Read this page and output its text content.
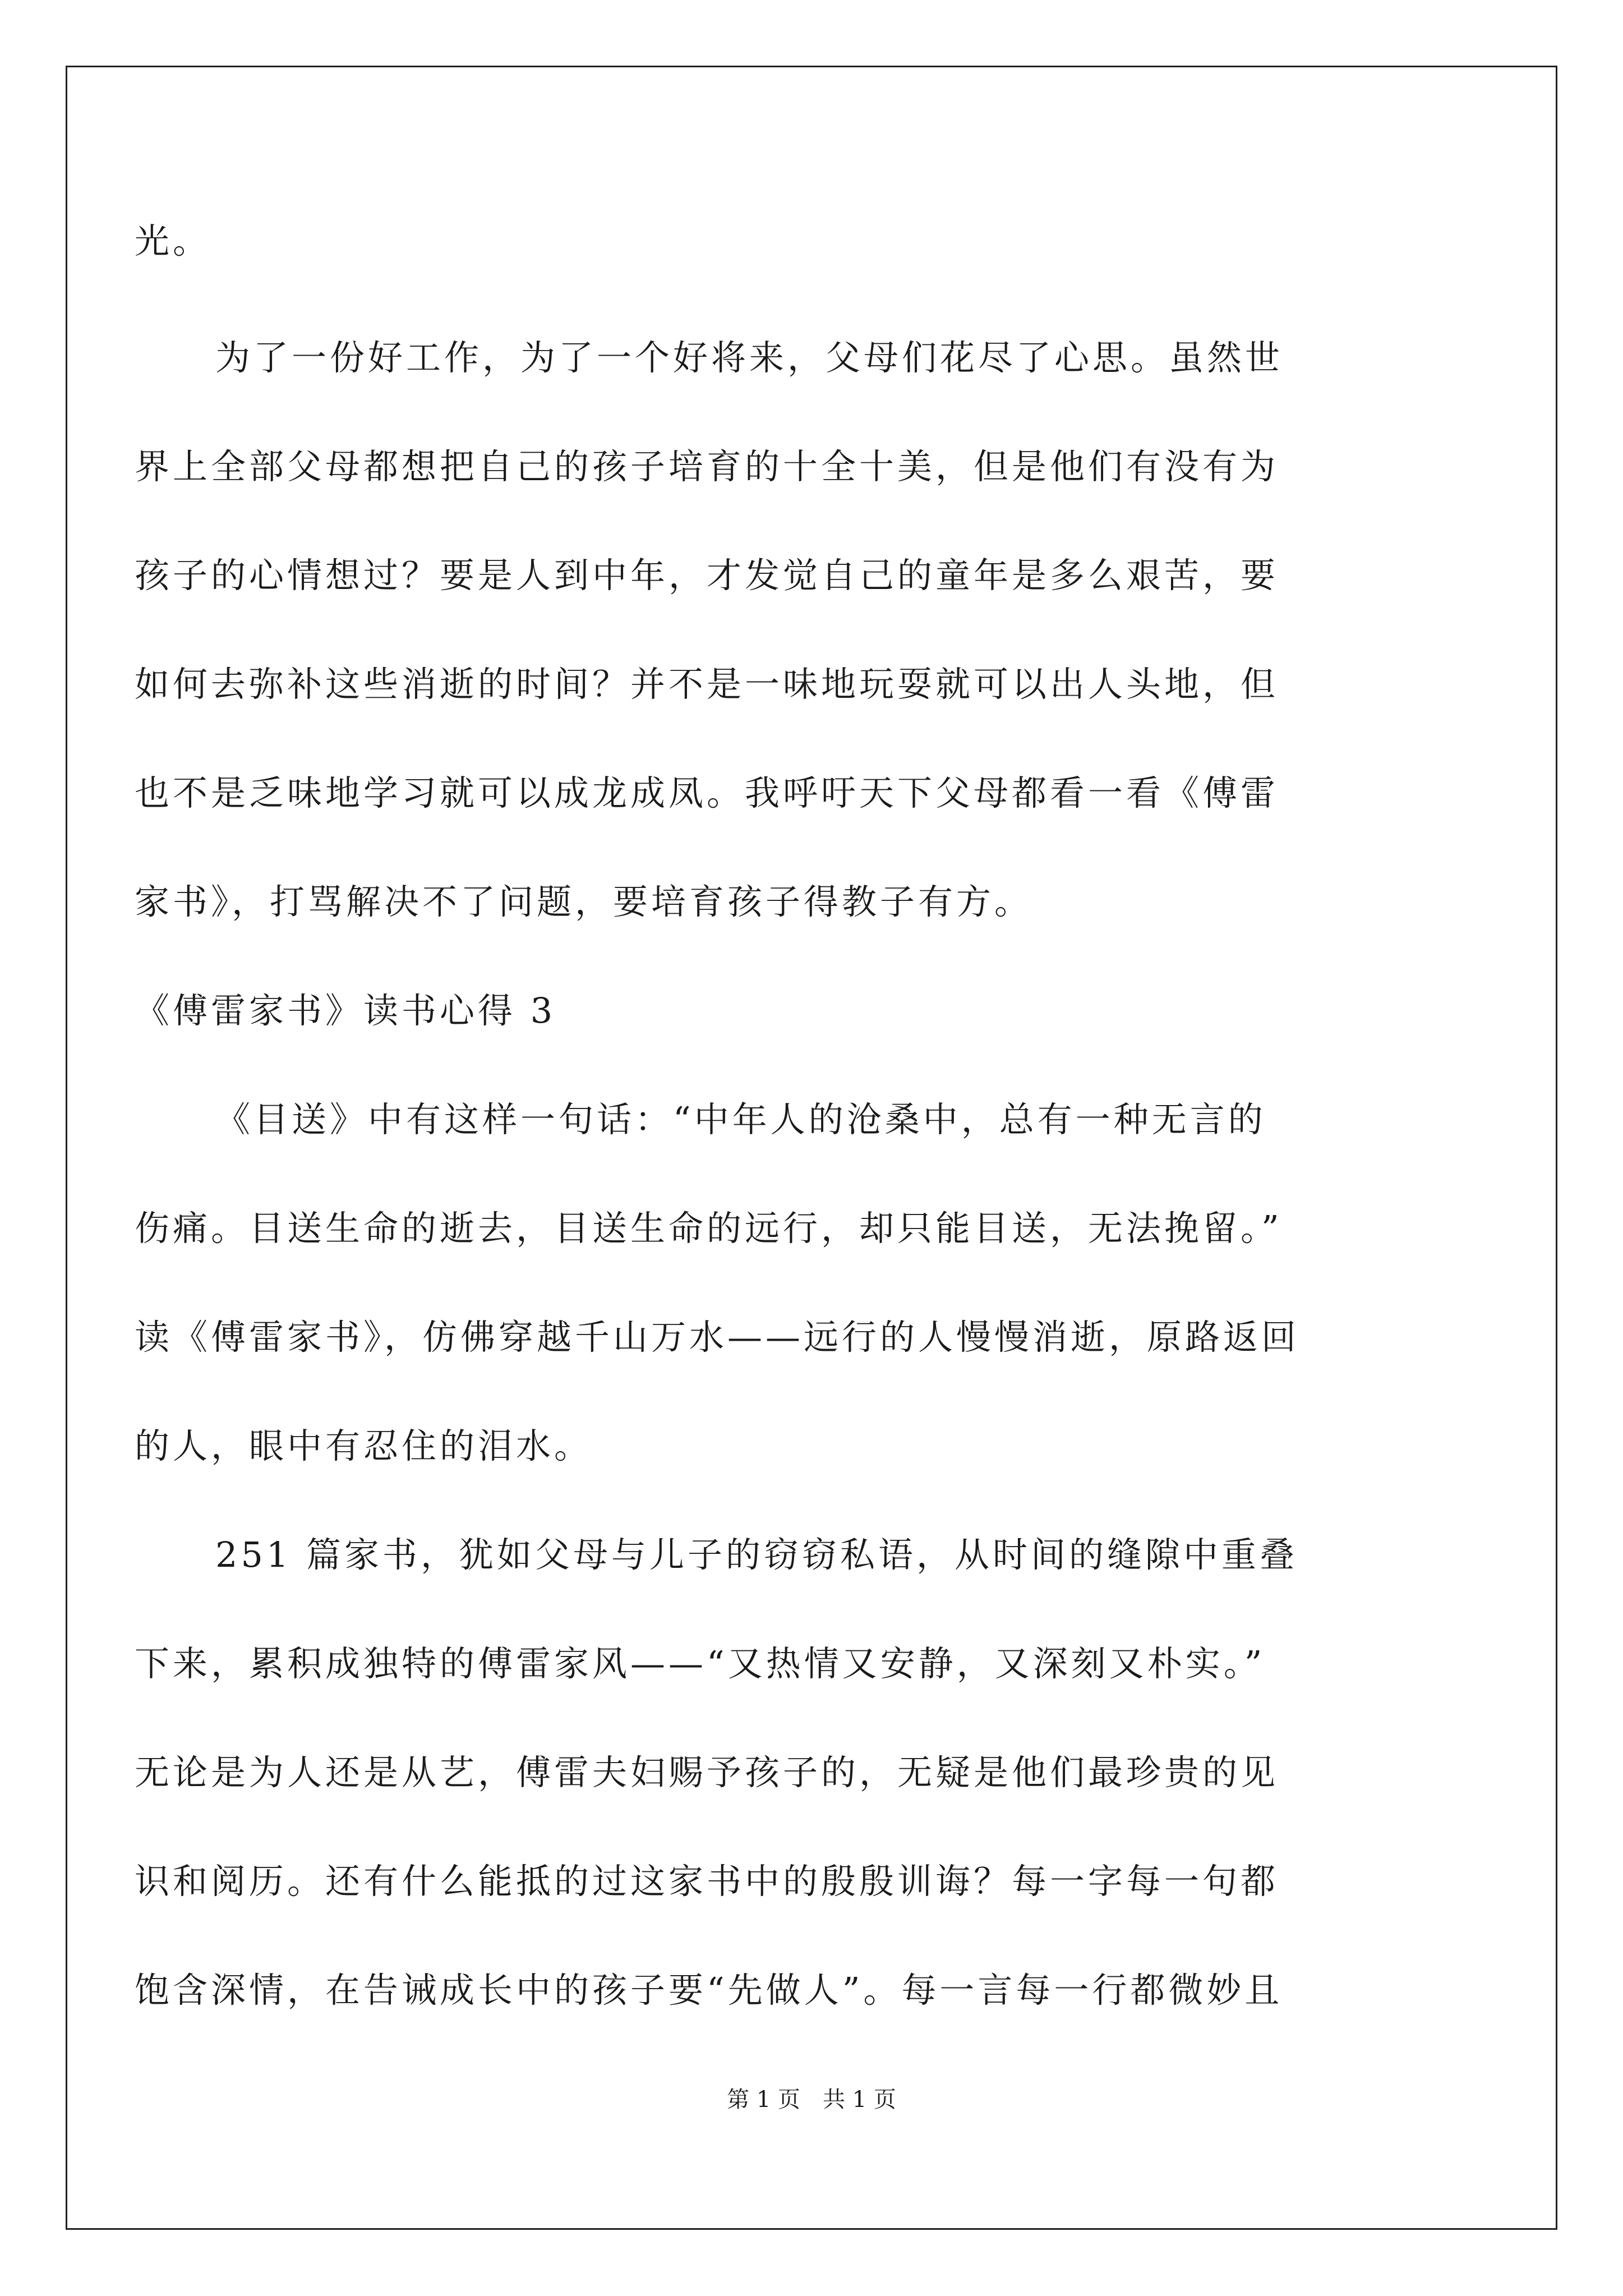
光。
为了一份好工作，为了一个好将来，父母们花尽了心思。虽然世
界上全部父母都想把自己的孩子培育的十全十美，但是他们有没有为
孩子的心情想过？要是人到中年，才发觉自己的童年是多么艰苦，要
如何去弥补这些消逝的时间？并不是一味地玩耍就可以出人头地，但
也不是乏味地学习就可以成龙成凤。我呼吁天下父母都看一看《傅雷
家书》，打骂解决不了问题，要培育孩子得教子有方。
《傅雷家书》读书心得 3
《目送》中有这样一句话：“中年人的沧桑中，总有一种无言的
伤痛。目送生命的逝去，目送生命的远行，却只能目送，无法挽留。”
读《傅雷家书》，仿佛穿越千山万水——远行的人慢慢消逝，原路返回
的人，眼中有忍住的泪水。
251 篇家书，犹如父母与儿子的窃窃私语，从时间的缝隙中重叠
下来，累积成独特的傅雷家风——“又热情又安静，又深刻又朴实。”
无论是为人还是从艺，傅雷夫妇赐予孩子的，无疑是他们最珍贵的见
识和阅历。还有什么能抵的过这家书中的殷殷训诲？每一字每一句都
饱含深情，在告诫成长中的孩子要“先做人”。每一言每一行都微妙且
第 1 页　共 1 页
